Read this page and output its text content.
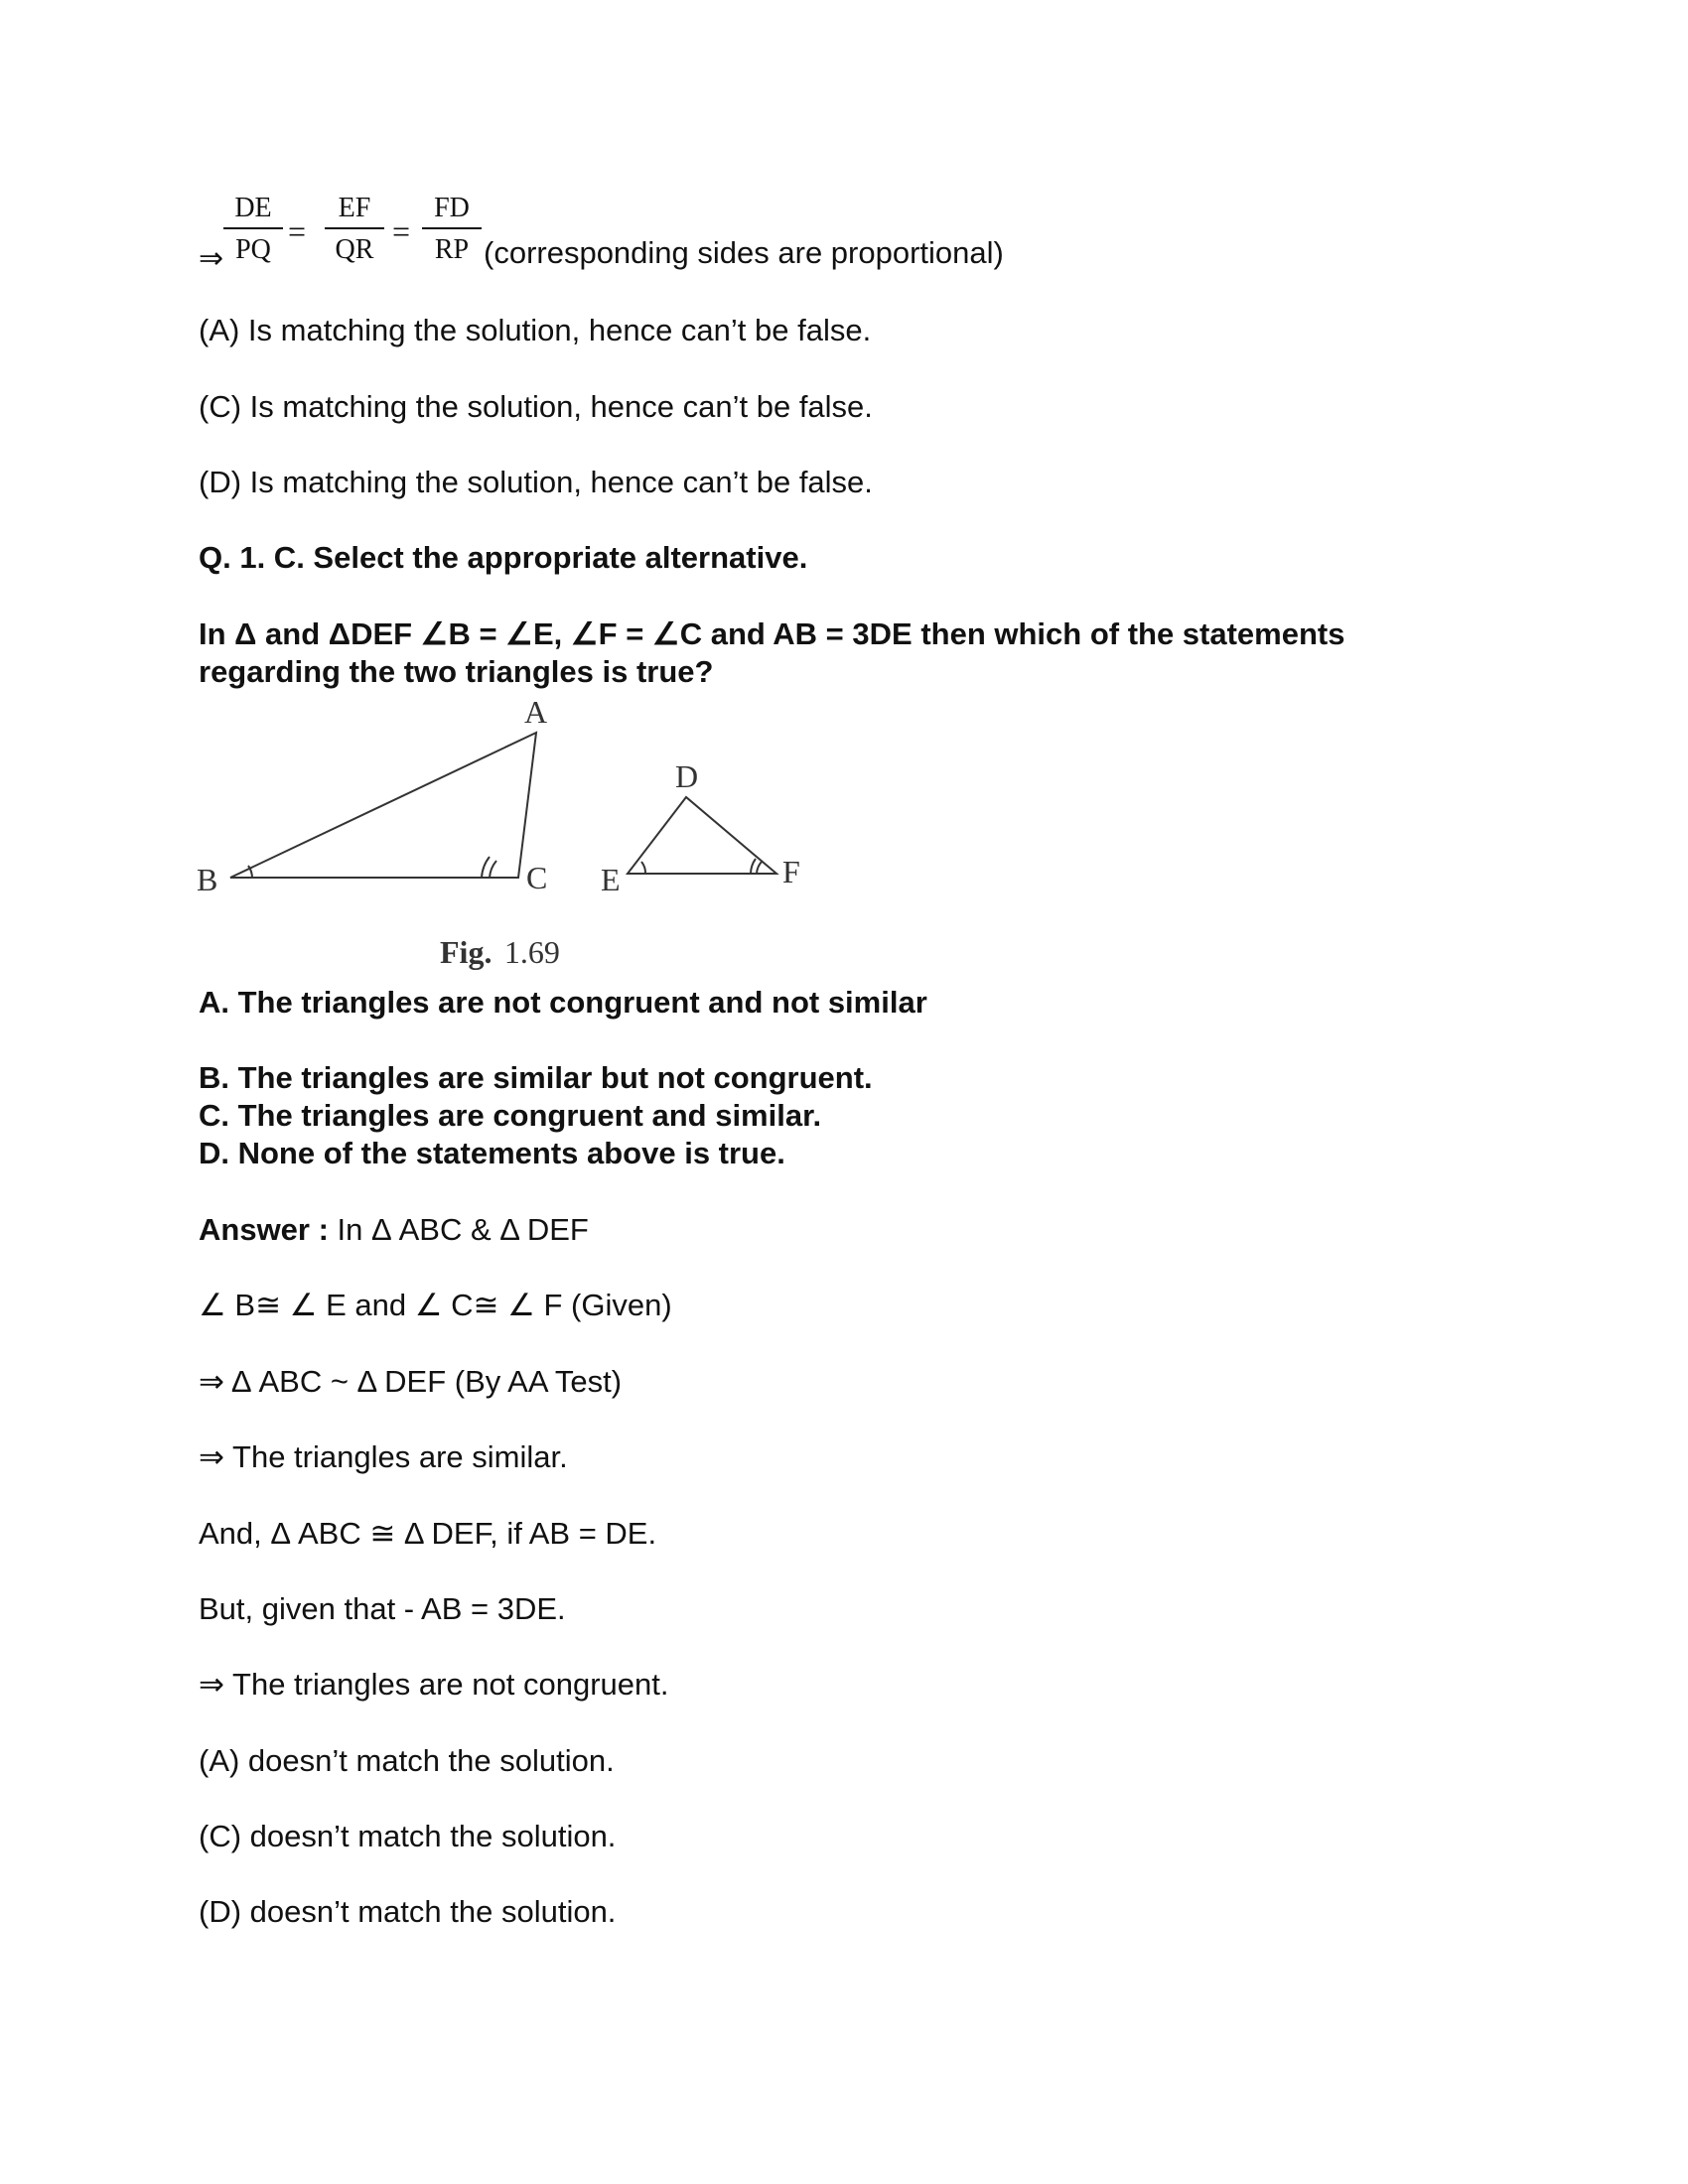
⇒ $\frac{DE}{PQ} = \frac{EF}{QR} = \frac{FD}{RP}$ (corresponding sides are proportional)

(A) Is matching the solution, hence can’t be false.

(C) Is matching the solution, hence can’t be false.

(D) Is matching the solution, hence can’t be false.

Q. 1. C. Select the appropriate alternative.

In Δ and ΔDEF ∠B = ∠E, ∠F = ∠C and AB = 3DE then which of the statements

regarding the two triangles is true?

A
B	C
D
E	F
Fig. 1.69

A. The triangles are not congruent and not similar

B. The triangles are similar but not congruent.

C. The triangles are congruent and similar.

D. None of the statements above is true.

Answer : In Δ ABC & Δ DEF

∠ B≅ ∠ E and ∠ C≅ ∠ F (Given)

⇒ Δ ABC ~ Δ DEF (By AA Test)

⇒ The triangles are similar.

And, Δ ABC ≅ Δ DEF, if AB = DE.

But, given that - AB = 3DE.

⇒ The triangles are not congruent.

(A) doesn’t match the solution.

(C) doesn’t match the solution.

(D) doesn’t match the solution.
